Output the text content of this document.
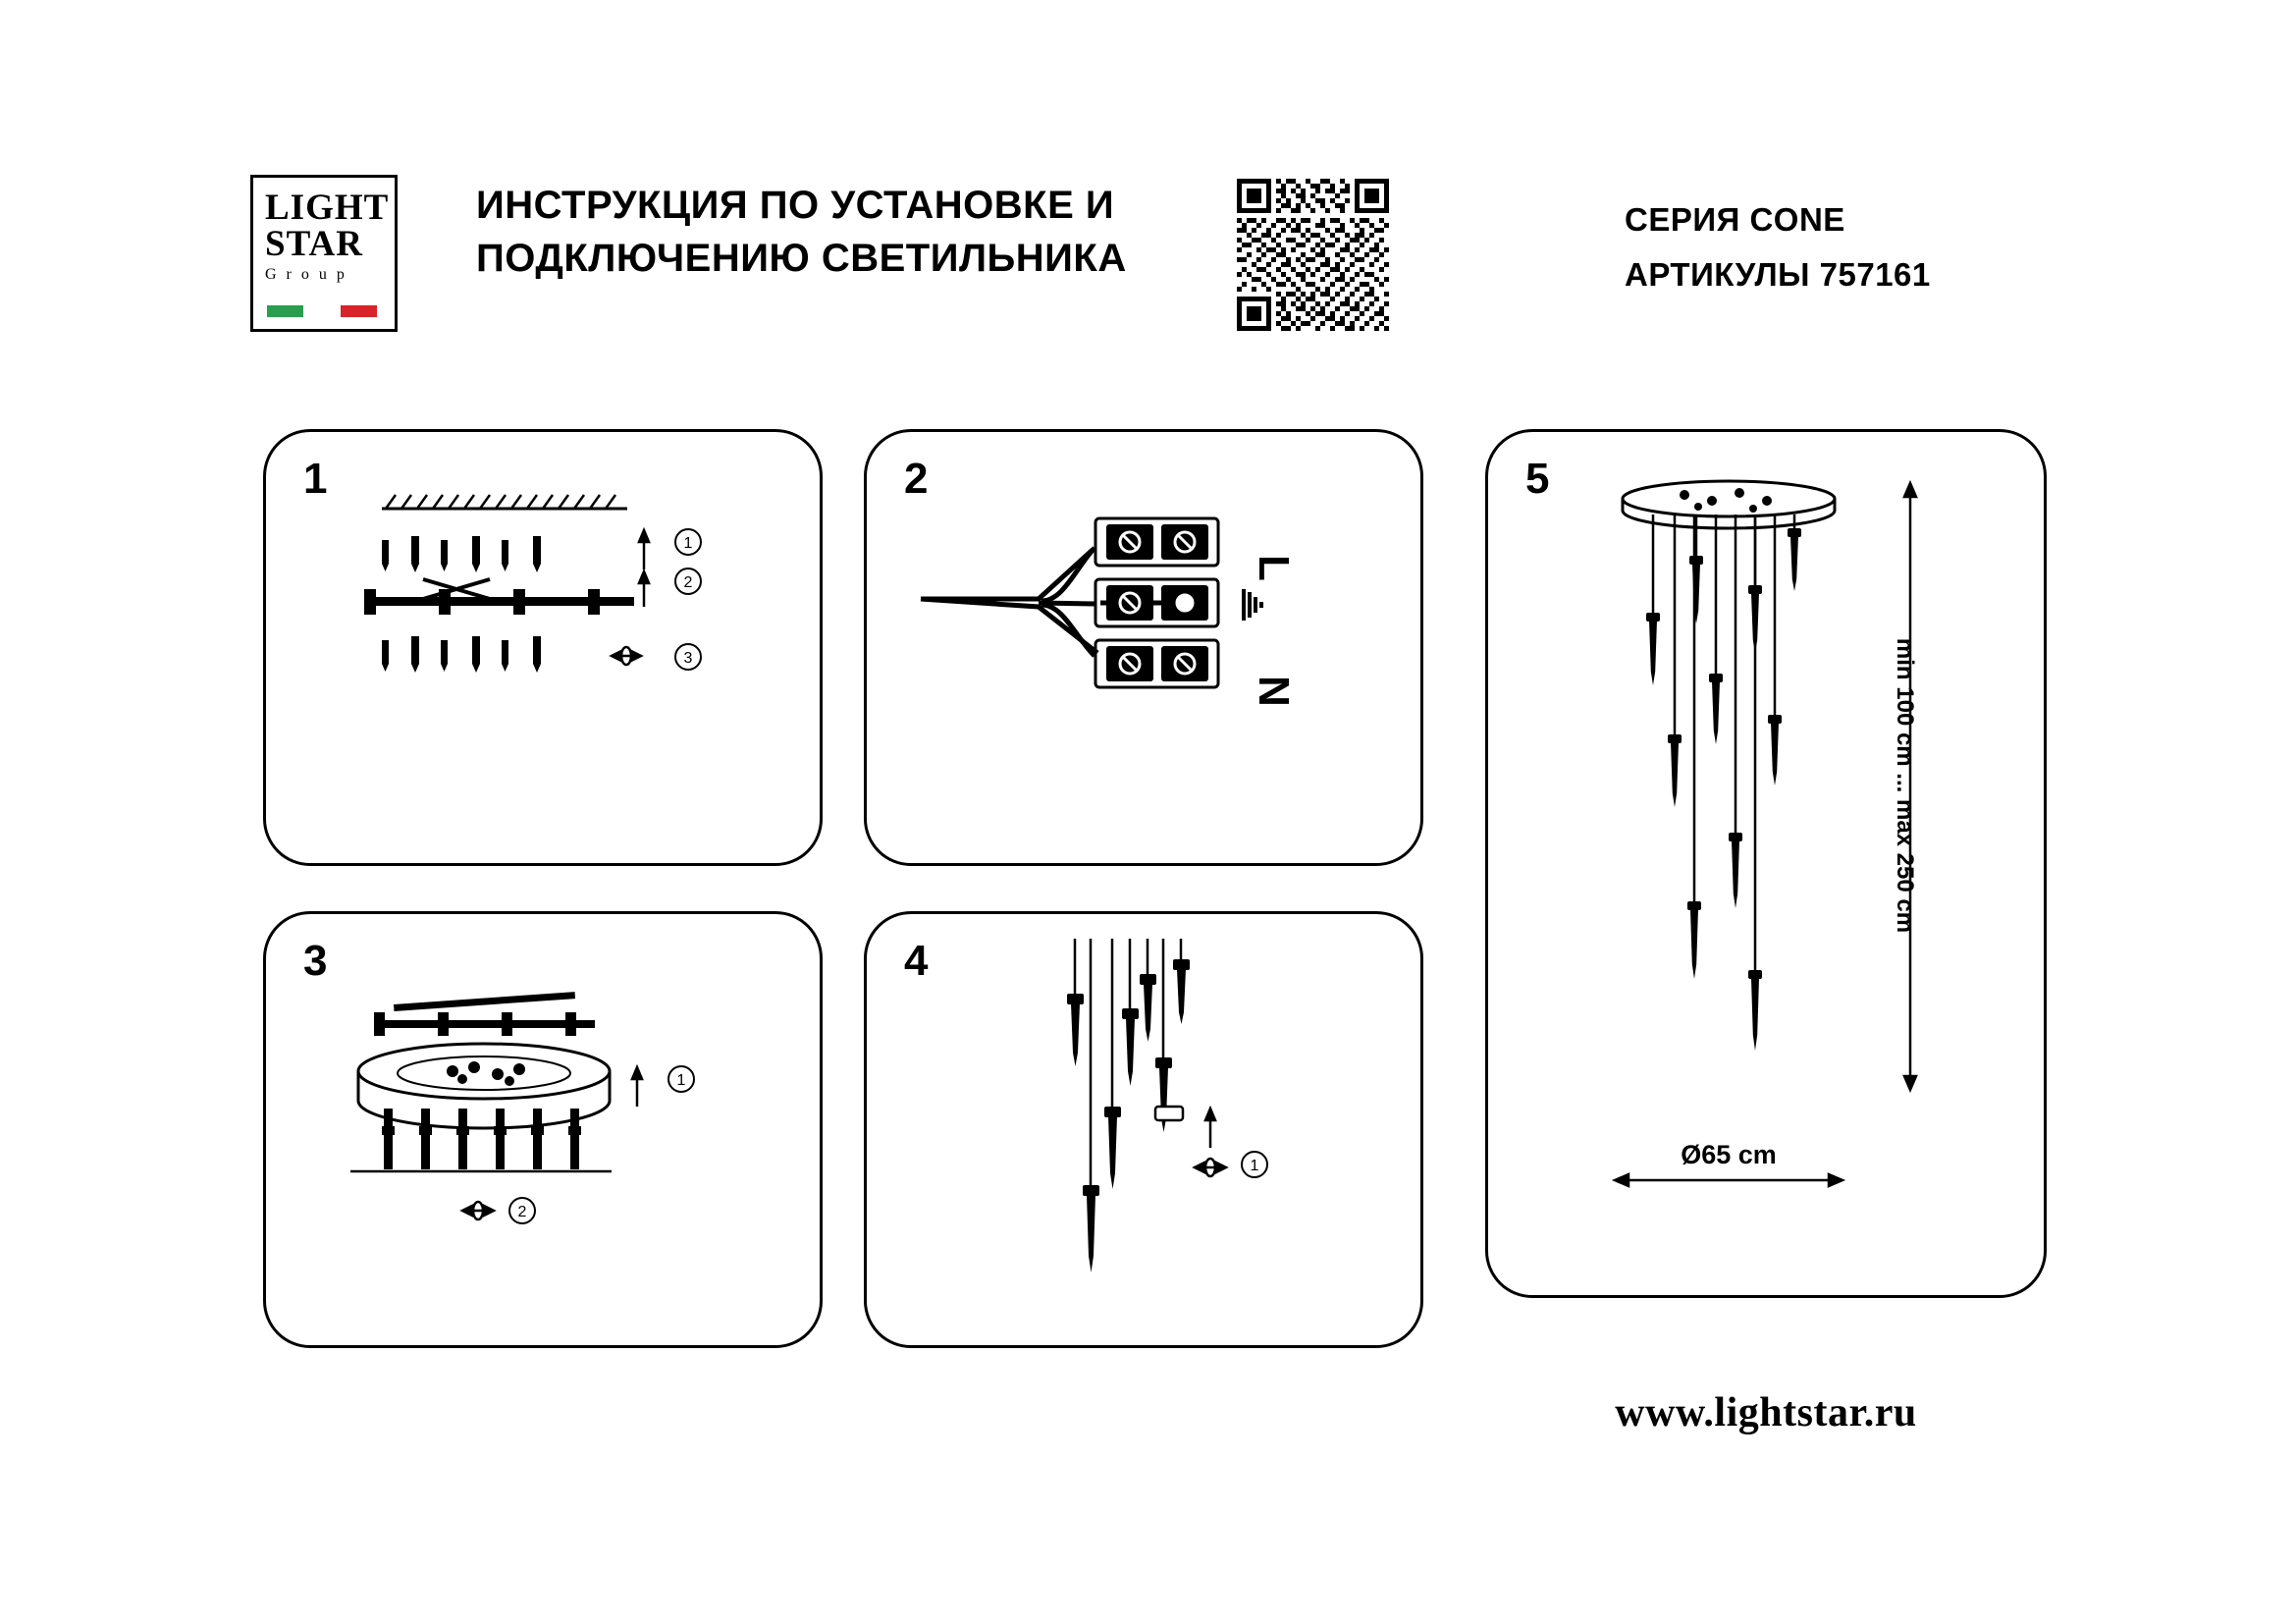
LIGHT
STAR
G r o u p
ИНСТРУКЦИЯ ПО УСТАНОВКЕ И ПОДКЛЮЧЕНИЮ СВЕТИЛЬНИКА
СЕРИЯ CONE
АРТИКУЛЫ 757161
1
1
2
3
2
L
N
3
1
2
4
1
5
min 100 cm ... max 250 cm
Ø65 cm
www.lightstar.ru
